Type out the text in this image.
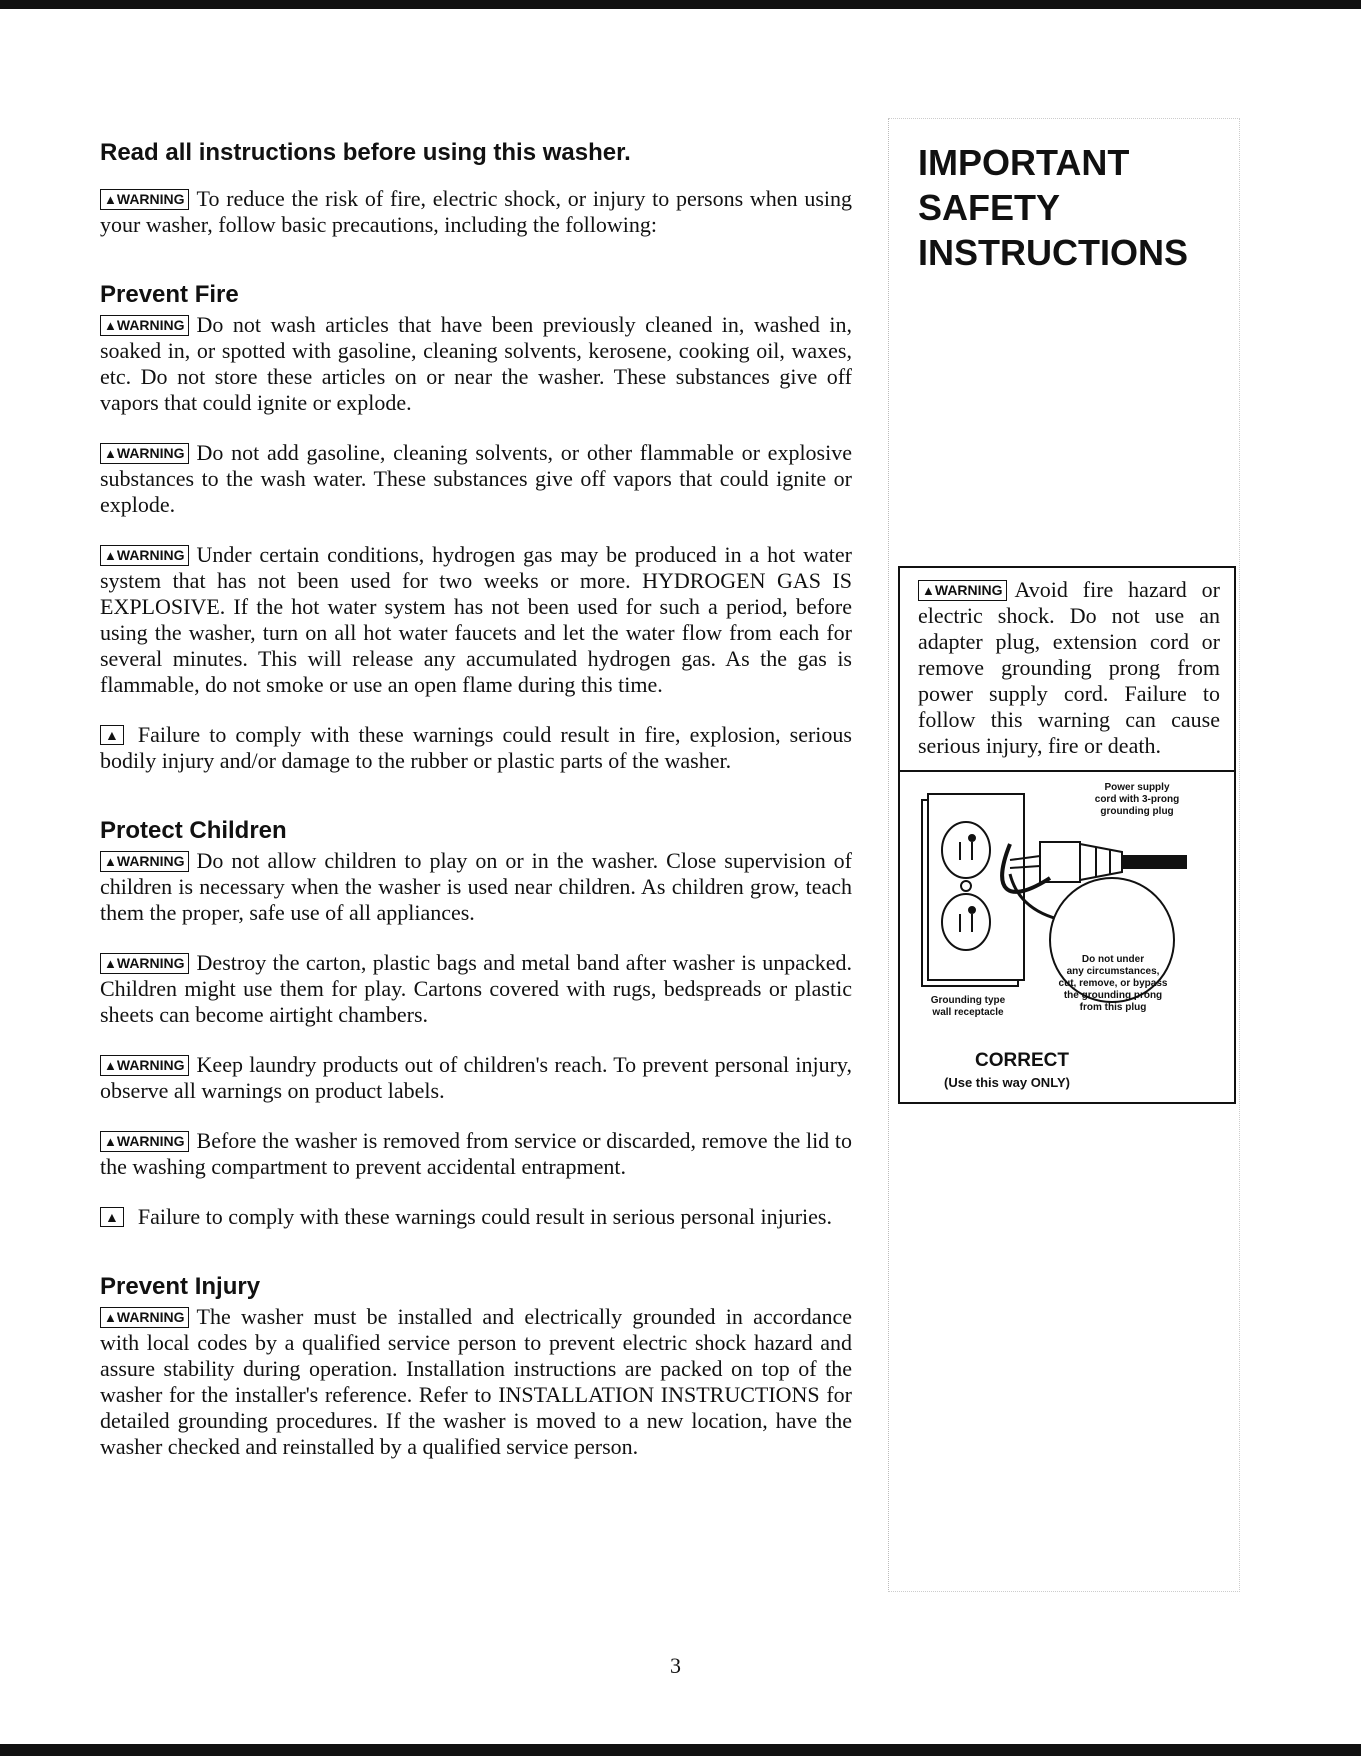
Read all instructions before using this washer.

▲WARNING To reduce the risk of fire, electric shock, or injury to persons when using your washer, follow basic precautions, including the following:

Prevent Fire

▲WARNING Do not wash articles that have been previously cleaned in, washed in, soaked in, or spotted with gasoline, cleaning solvents, kerosene, cooking oil, waxes, etc. Do not store these articles on or near the washer. These substances give off vapors that could ignite or explode.

▲WARNING Do not add gasoline, cleaning solvents, or other flammable or explosive substances to the wash water. These substances give off vapors that could ignite or explode.

▲WARNING Under certain conditions, hydrogen gas may be produced in a hot water system that has not been used for two weeks or more. HYDROGEN GAS IS EXPLOSIVE. If the hot water system has not been used for such a period, before using the washer, turn on all hot water faucets and let the water flow from each for several minutes. This will release any accumulated hydrogen gas. As the gas is flammable, do not smoke or use an open flame during this time.

▲ Failure to comply with these warnings could result in fire, explosion, serious bodily injury and/or damage to the rubber or plastic parts of the washer.

Protect Children

▲WARNING Do not allow children to play on or in the washer. Close supervision of children is necessary when the washer is used near children. As children grow, teach them the proper, safe use of all appliances.

▲WARNING Destroy the carton, plastic bags and metal band after washer is unpacked. Children might use them for play. Cartons covered with rugs, bedspreads or plastic sheets can become airtight chambers.

▲WARNING Keep laundry products out of children's reach. To prevent personal injury, observe all warnings on product labels.

▲WARNING Before the washer is removed from service or discarded, remove the lid to the washing compartment to prevent accidental entrapment.

▲ Failure to comply with these warnings could result in serious personal injuries.

Prevent Injury

▲WARNING The washer must be installed and electrically grounded in accordance with local codes by a qualified service person to prevent electric shock hazard and assure stability during operation. Installation instructions are packed on top of the washer for the installer's reference. Refer to INSTALLATION INSTRUCTIONS for detailed grounding procedures. If the washer is moved to a new location, have the washer checked and reinstalled by a qualified service person.

IMPORTANT
SAFETY
INSTRUCTIONS
▲WARNING Avoid fire hazard or electric shock. Do not use an adapter plug, extension cord or remove grounding prong from power supply cord. Failure to follow this warning can cause serious injury, fire or death.
Power supply
cord with 3-prong
grounding plug
Grounding type
wall receptacle
Do not under
any circumstances,
cut, remove, or bypass
the grounding prong
from this plug
CORRECT
(Use this way ONLY)
3
